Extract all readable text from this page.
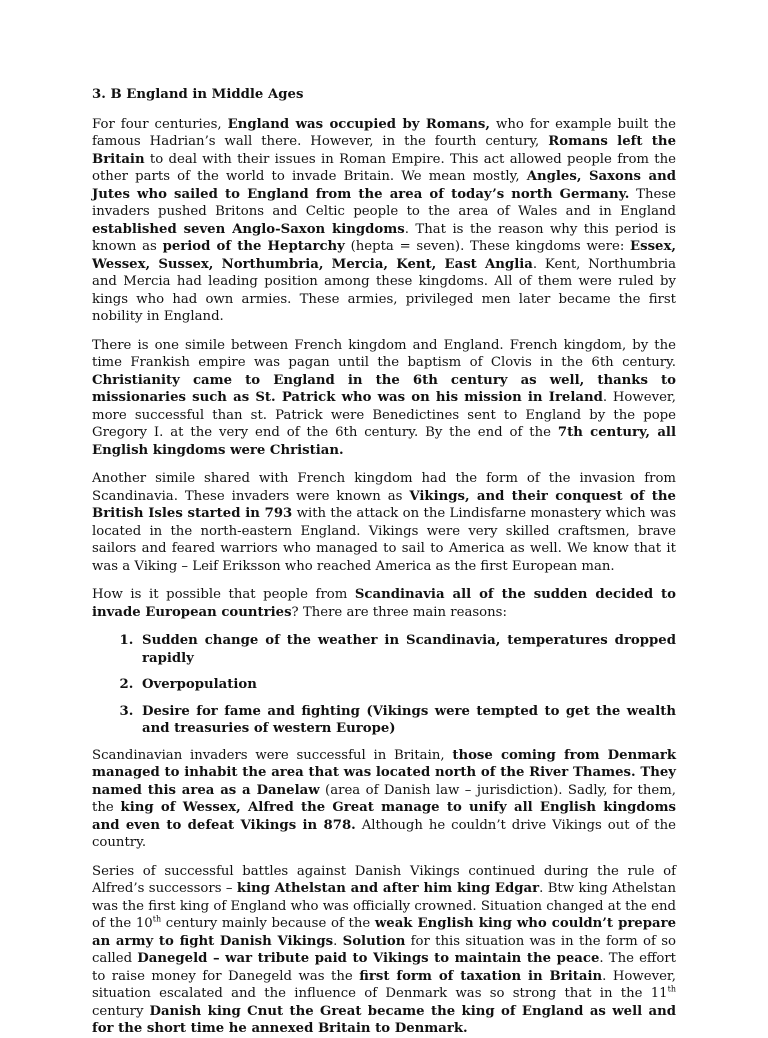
3. B England in Middle Ages

For four centuries, England was occupied by Romans, who for example built the famous Hadrian’s wall there. However, in the fourth century, Romans left the Britain to deal with their issues in Roman Empire. This act allowed people from the other parts of the world to invade Britain. We mean mostly, Angles, Saxons and Jutes who sailed to England from the area of today’s north Germany. These invaders pushed Britons and Celtic people to the area of Wales and in England established seven Anglo-Saxon kingdoms. That is the reason why this period is known as period of the Heptarchy (hepta = seven). These kingdoms were: Essex, Wessex, Sussex, Northumbria, Mercia, Kent, East Anglia. Kent, Northumbria and Mercia had leading position among these kingdoms. All of them were ruled by kings who had own armies. These armies, privileged men later became the first nobility in England.

There is one simile between French kingdom and England. French kingdom, by the time Frankish empire was pagan until the baptism of Clovis in the 6th century. Christianity came to England in the 6th century as well, thanks to missionaries such as St. Patrick who was on his mission in Ireland. However, more successful than st. Patrick were Benedictines sent to England by the pope Gregory I. at the very end of the 6th century. By the end of the 7th century, all English kingdoms were Christian.

Another simile shared with French kingdom had the form of the invasion from Scandinavia. These invaders were known as Vikings, and their conquest of the British Isles started in 793 with the attack on the Lindisfarne monastery which was located in the north-eastern England. Vikings were very skilled craftsmen, brave sailors and feared warriors who managed to sail to America as well. We know that it was a Viking – Leif Eriksson who reached America as the first European man.

How is it possible that people from Scandinavia all of the sudden decided to invade European countries? There are three main reasons:

1. Sudden change of the weather in Scandinavia, temperatures dropped rapidly
2. Overpopulation
3. Desire for fame and fighting (Vikings were tempted to get the wealth and treasuries of western Europe)

Scandinavian invaders were successful in Britain, those coming from Denmark managed to inhabit the area that was located north of the River Thames. They named this area as a Danelaw (area of Danish law – jurisdiction). Sadly, for them, the king of Wessex, Alfred the Great manage to unify all English kingdoms and even to defeat Vikings in 878. Although he couldn’t drive Vikings out of the country.

Series of successful battles against Danish Vikings continued during the rule of Alfred’s successors – king Athelstan and after him king Edgar. Btw king Athelstan was the first king of England who was officially crowned. Situation changed at the end of the 10th century mainly because of the weak English king who couldn’t prepare an army to fight Danish Vikings. Solution for this situation was in the form of so called Danegeld – war tribute paid to Vikings to maintain the peace. The effort to raise money for Danegeld was the first form of taxation in Britain. However, situation escalated and the influence of Denmark was so strong that in the 11th century Danish king Cnut the Great became the king of England as well and for the short time he annexed Britain to Denmark.
